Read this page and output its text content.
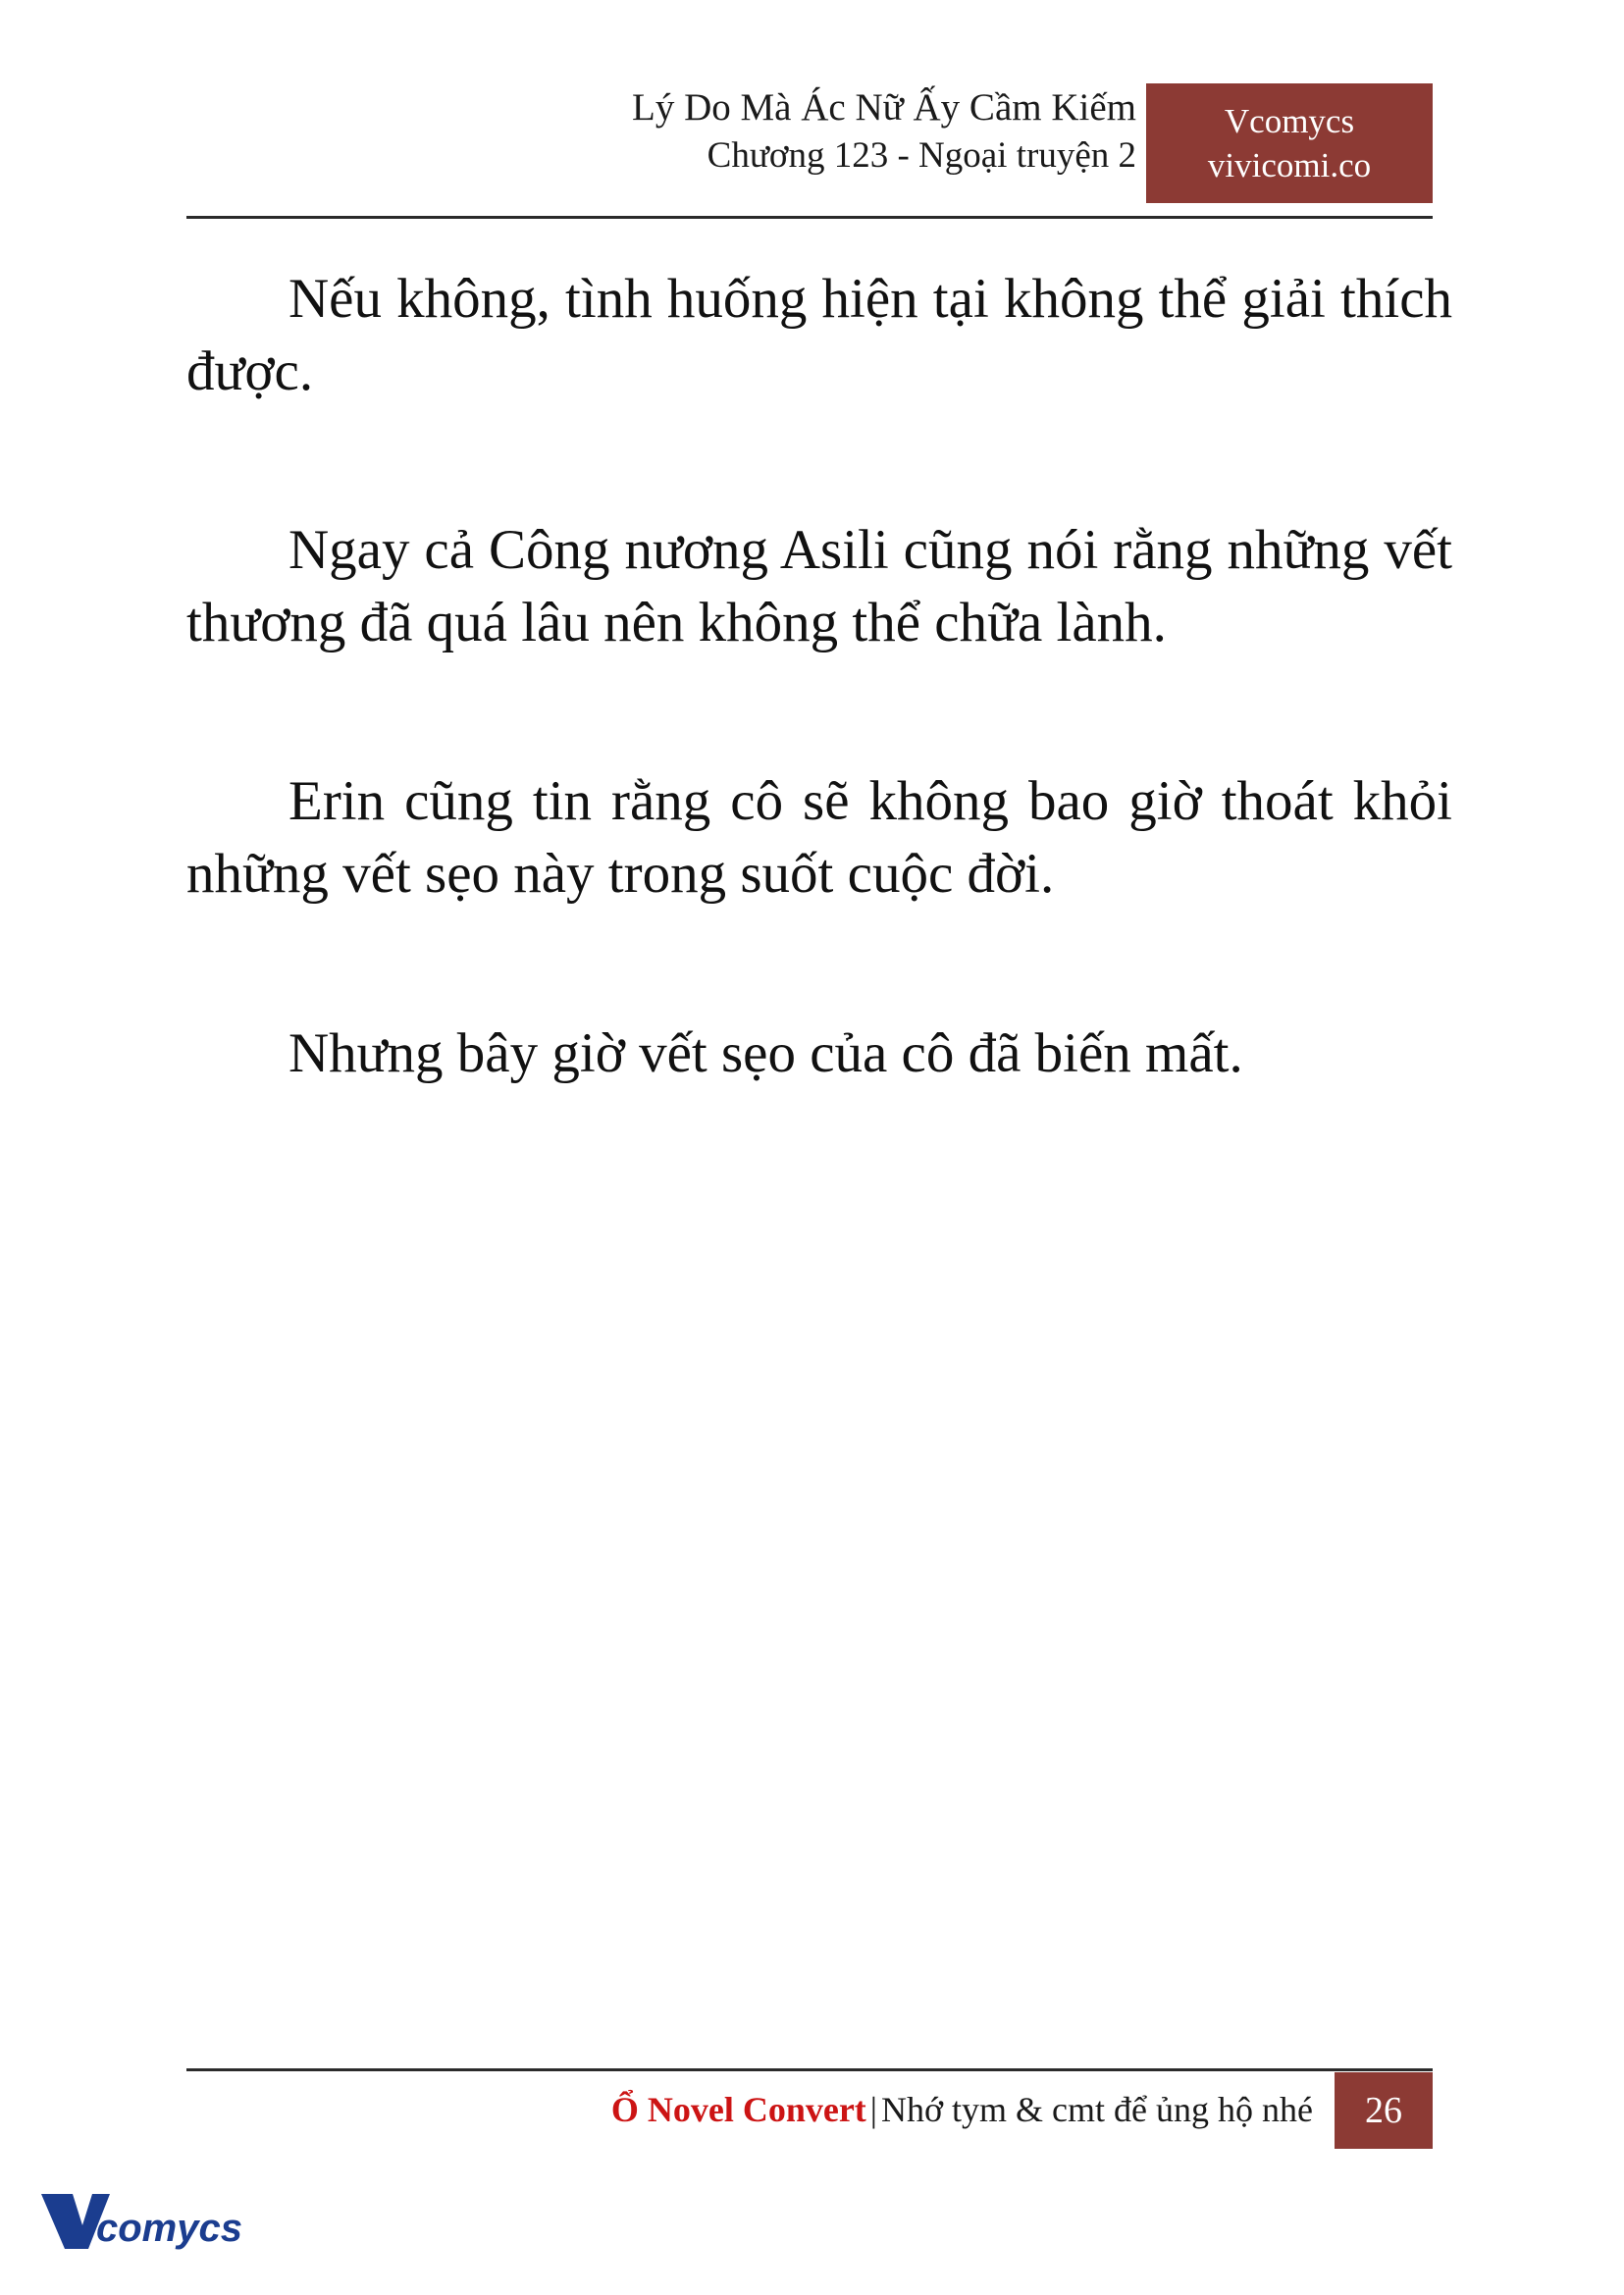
Lý Do Mà Ác Nữ Ấy Cầm Kiếm
Chương 123 - Ngoại truyện 2
Vcomycs
vivicomi.co

Nếu không, tình huống hiện tại không thể giải thích được.

Ngay cả Công nương Asili cũng nói rằng những vết thương đã quá lâu nên không thể chữa lành.

Erin cũng tin rằng cô sẽ không bao giờ thoát khỏi những vết sẹo này trong suốt cuộc đời.

Nhưng bây giờ vết sẹo của cô đã biến mất.

Ổ Novel Convert | Nhớ tym & cmt để ủng hộ nhé	26
comycs
